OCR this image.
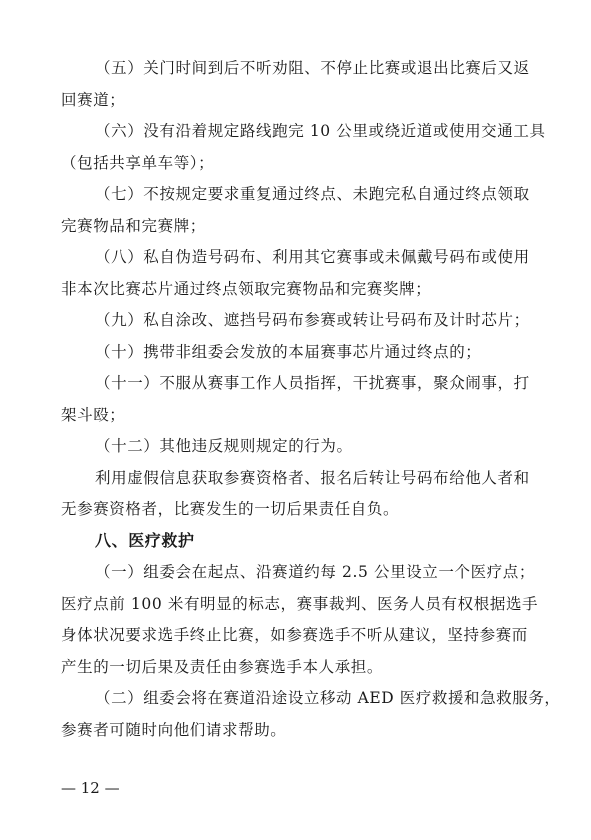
（五）关门时间到后不听劝阻、不停止比赛或退出比赛后又返
回赛道；
（六）没有沿着规定路线跑完 10 公里或绕近道或使用交通工具
（包括共享单车等）；
（七）不按规定要求重复通过终点、未跑完私自通过终点领取
完赛物品和完赛牌；
（八）私自伪造号码布、利用其它赛事或未佩戴号码布或使用
非本次比赛芯片通过终点领取完赛物品和完赛奖牌；
（九）私自涂改、遮挡号码布参赛或转让号码布及计时芯片；
（十）携带非组委会发放的本届赛事芯片通过终点的；
（十一）不服从赛事工作人员指挥，干扰赛事，聚众闹事，打
架斗殴；
（十二）其他违反规则规定的行为。
利用虚假信息获取参赛资格者、报名后转让号码布给他人者和
无参赛资格者，比赛发生的一切后果责任自负。
八、医疗救护
（一）组委会在起点、沿赛道约每 2.5 公里设立一个医疗点；
医疗点前 100 米有明显的标志，赛事裁判、医务人员有权根据选手
身体状况要求选手终止比赛，如参赛选手不听从建议，坚持参赛而
产生的一切后果及责任由参赛选手本人承担。
（二）组委会将在赛道沿途设立移动 AED 医疗救援和急救服务，
参赛者可随时向他们请求帮助。
— 12 —
